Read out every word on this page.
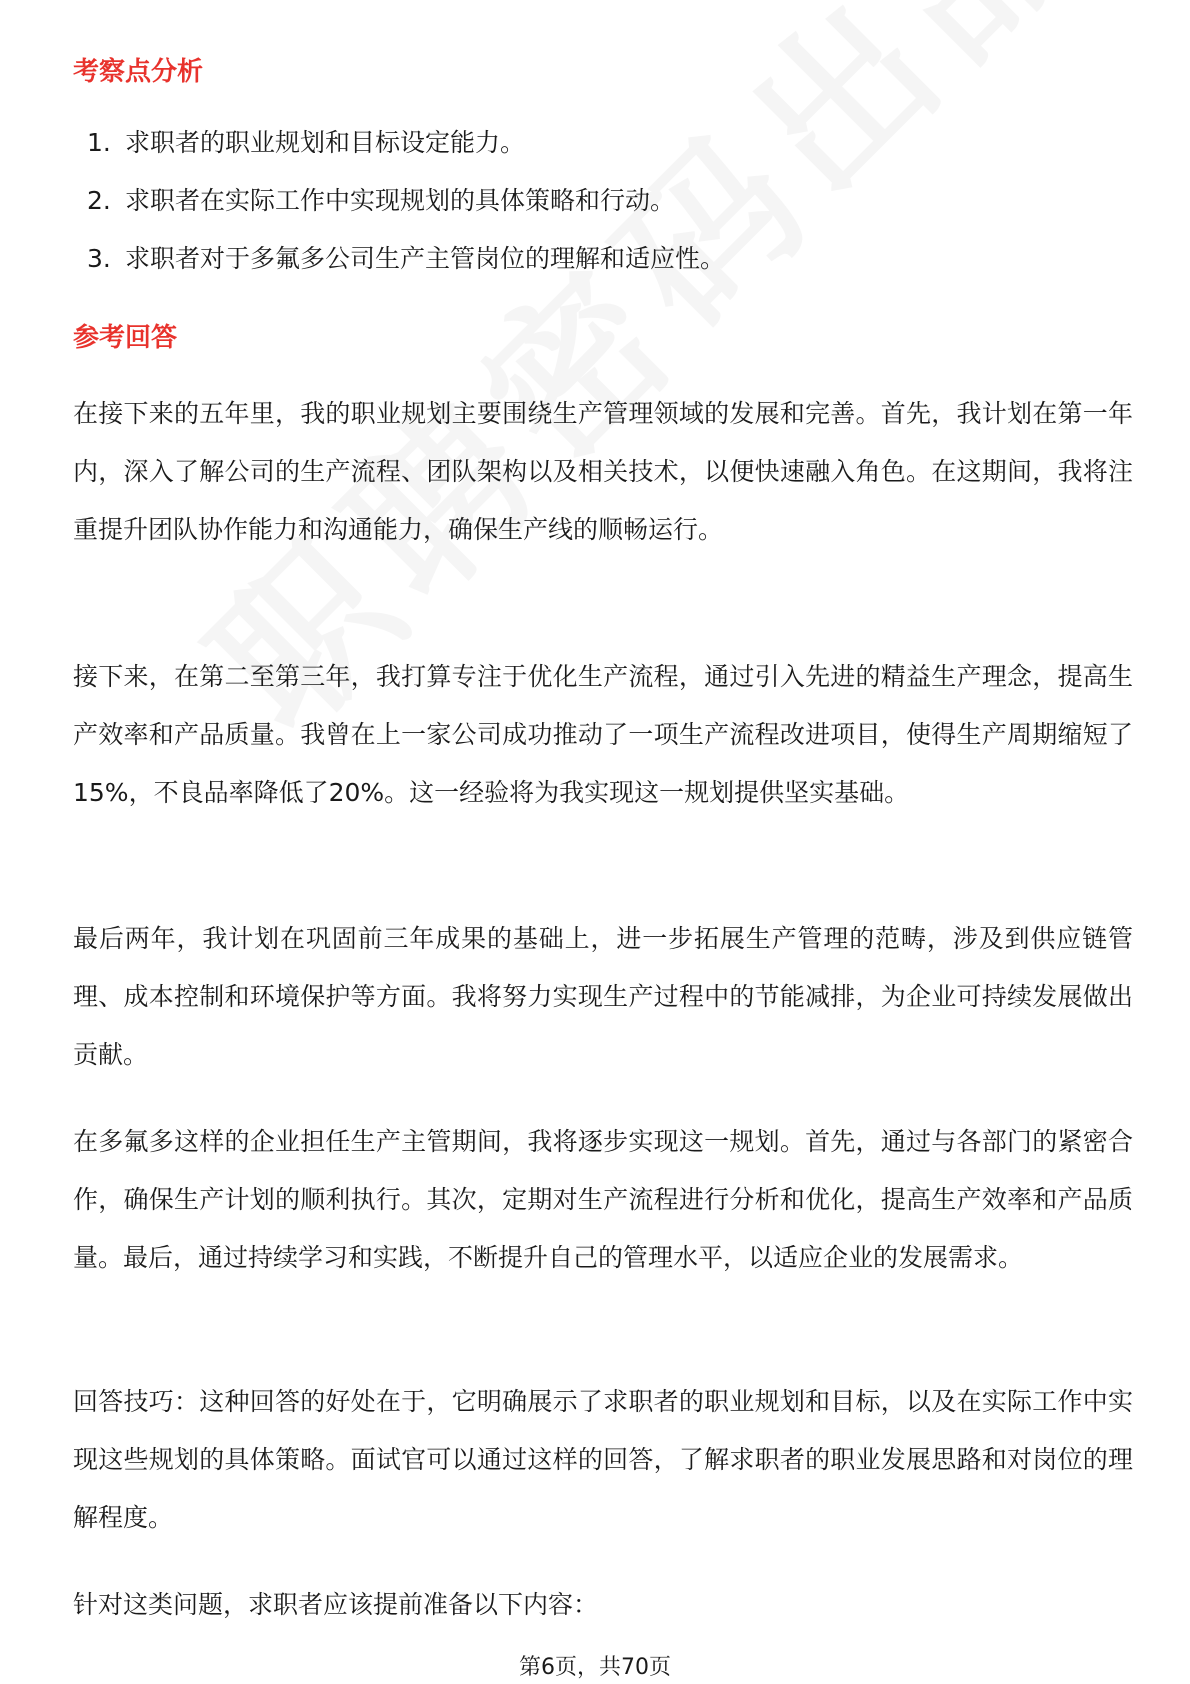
考察点分析
1. 求职者的职业规划和目标设定能力。
2. 求职者在实际工作中实现规划的具体策略和行动。
3. 求职者对于多氟多公司生产主管岗位的理解和适应性。
参考回答

在接下来的五年里，我的职业规划主要围绕生产管理领域的发展和完善。首先，我计划在第一年内，深入了解公司的生产流程、团队架构以及相关技术，以便快速融入角色。在这期间，我将注重提升团队协作能力和沟通能力，确保生产线的顺畅运行。

接下来，在第二至第三年，我打算专注于优化生产流程，通过引入先进的精益生产理念，提高生产效率和产品质量。我曾在上一家公司成功推动了一项生产流程改进项目，使得生产周期缩短了15%，不良品率降低了20%。这一经验将为我实现这一规划提供坚实基础。

最后两年，我计划在巩固前三年成果的基础上，进一步拓展生产管理的范畴，涉及到供应链管理、成本控制和环境保护等方面。我将努力实现生产过程中的节能减排，为企业可持续发展做出贡献。

在多氟多这样的企业担任生产主管期间，我将逐步实现这一规划。首先，通过与各部门的紧密合作，确保生产计划的顺利执行。其次，定期对生产流程进行分析和优化，提高生产效率和产品质量。最后，通过持续学习和实践，不断提升自己的管理水平，以适应企业的发展需求。

回答技巧：这种回答的好处在于，它明确展示了求职者的职业规划和目标，以及在实际工作中实现这些规划的具体策略。面试官可以通过这样的回答，了解求职者的职业发展思路和对岗位的理解程度。

针对这类问题，求职者应该提前准备以下内容：

第6页，共70页
